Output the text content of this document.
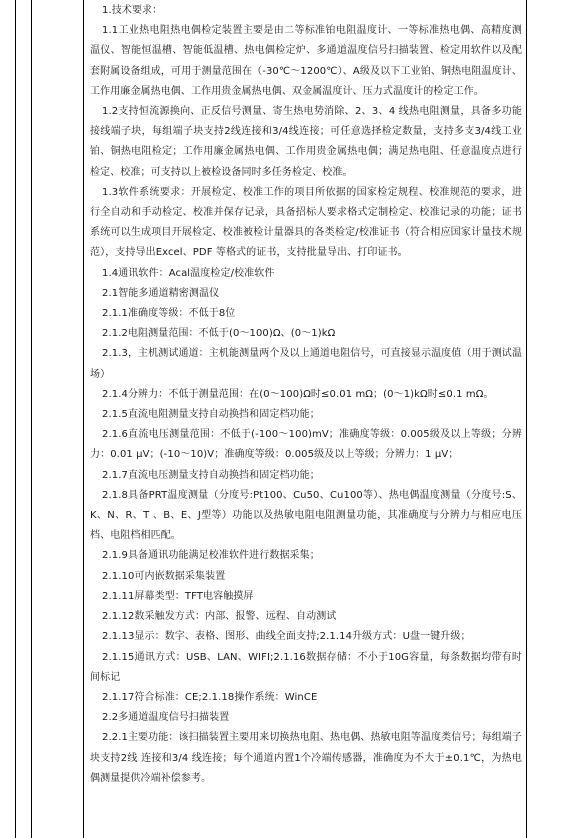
1.技术要求：

1.1工业热电阻热电偶检定装置主要是由二等标准铂电阻温度计、一等标准热电偶、高精度测温仪、智能恒温槽、智能低温槽、热电偶检定炉、多通道温度信号扫描装置、检定用软件以及配套附属设备组成，可用于测量范围在（-30℃～1200℃）、A级及以下工业铂、铜热电阻温度计、工作用廉金属热电偶、工作用贵金属热电偶、双金属温度计、压力式温度计的检定工作。

1.2支持恒流源换向、正反信号测量、寄生热电势消除、2、3、4 线热电阻测量，具备多功能接线端子块，每组端子块支持2线连接和3/4线连接；可任意选择检定数量，支持多支3/4线工业铂、铜热电阻检定；工作用廉金属热电偶、工作用贵金属热电偶；满足热电阻、任意温度点进行检定、校准；可支持以上被检设备同时多任务检定、校准。

1.3软件系统要求：开展检定、校准工作的项目所依据的国家检定规程、校准规范的要求，进行全自动和手动检定、校准并保存记录，具备招标人要求格式定制检定、校准记录的功能；证书系统可以生成项目开展检定、校准被检计量器具的各类检定/校准证书（符合相应国家计量技术规范），支持导出Excel、PDF 等格式的证书，支持批量导出、打印证书。

1.4通讯软件：Acal温度检定/校准软件

2.1智能多通道精密测温仪

2.1.1准确度等级：不低于8位

2.1.2电阻测量范围：不低于(0～100)Ω、(0～1)kΩ

2.1.3，主机测试通道：主机能测量两个及以上通道电阻信号，可直接显示温度值（用于测试温场）

2.1.4分辨力：不低于测量范围：在(0～100)Ω时≤0.01 mΩ；(0～1)kΩ时≤0.1 mΩ。

2.1.5直流电阻测量支持自动换挡和固定档功能；

2.1.6直流电压测量范围：不低于(-100～100)mV；准确度等级：0.005级及以上等级；分辨力：0.01 μV；(-10～10)V；准确度等级：0.005级及以上等级；分辨力：1 μV；

2.1.7直流电压测量支持自动换挡和固定档功能；

2.1.8具备PRT温度测量（分度号:Pt100、Cu50、Cu100等）、热电偶温度测量（分度号:S、K、N、R、T 、B、E、J型等）功能以及热敏电阻电阻测量功能，其准确度与分辨力与相应电压档、电阻档相匹配。

2.1.9具备通讯功能满足校准软件进行数据采集；

2.1.10可内嵌数据采集装置

2.1.11屏幕类型：TFT电容触摸屏

2.1.12数采触发方式：内部、报警、远程、自动测试

2.1.13显示：数字、表格、图形、曲线全面支持;2.1.14升级方式：U盘一键升级；

2.1.15通讯方式：USB、LAN、WIFI;2.1.16数据存储：不小于10G容量，每条数据均带有时间标记

2.1.17符合标准：CE;2.1.18操作系统：WinCE

2.2多通道温度信号扫描装置

2.2.1主要功能：该扫描装置主要用来切换热电阻、热电偶、热敏电阻等温度类信号；每组端子块支持2线 连接和3/4 线连接；每个通道内置1个冷端传感器，准确度为不大于±0.1℃，为热电偶测量提供冷端补偿参考。
